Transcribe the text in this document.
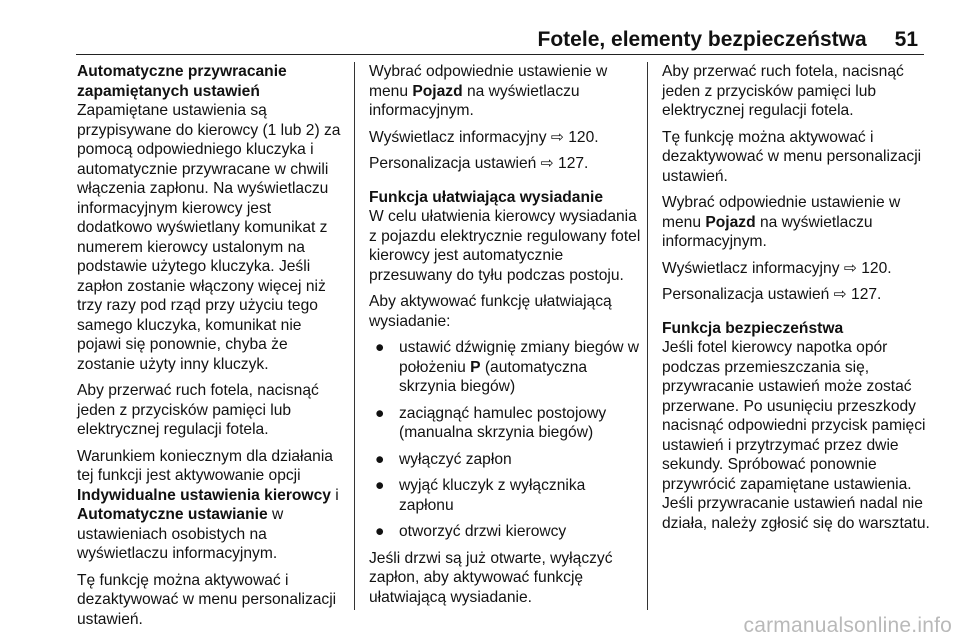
Fotele, elementy bezpieczeństwa 51

Automatyczne przywracanie zapamiętanych ustawień

Zapamiętane ustawienia są przypisywane do kierowcy (1 lub 2) za pomocą odpowiedniego kluczyka i automatycznie przywracane w chwili włączenia zapłonu. Na wyświetlaczu informacyjnym kierowcy jest dodatkowo wyświetlany komunikat z numerem kierowcy ustalonym na podstawie użytego kluczyka. Jeśli zapłon zostanie włączony więcej niż trzy razy pod rząd przy użyciu tego samego kluczyka, komunikat nie pojawi się ponownie, chyba że zostanie użyty inny kluczyk.

Aby przerwać ruch fotela, nacisnąć jeden z przycisków pamięci lub elektrycznej regulacji fotela.

Warunkiem koniecznym dla działania tej funkcji jest aktywowanie opcji Indywidualne ustawienia kierowcy i Automatyczne ustawianie w ustawieniach osobistych na wyświetlaczu informacyjnym.

Tę funkcję można aktywować i dezaktywować w menu personalizacji ustawień.

Wybrać odpowiednie ustawienie w menu Pojazd na wyświetlaczu informacyjnym.

Wyświetlacz informacyjny ⇨ 120.

Personalizacja ustawień ⇨ 127.

Funkcja ułatwiająca wysiadanie

W celu ułatwienia kierowcy wysiadania z pojazdu elektrycznie regulowany fotel kierowcy jest automatycznie przesuwany do tyłu podczas postoju.

Aby aktywować funkcję ułatwiającą wysiadanie:

● ustawić dźwignię zmiany biegów w położeniu P (automatyczna skrzynia biegów)
● zaciągnąć hamulec postojowy (manualna skrzynia biegów)
● wyłączyć zapłon
● wyjąć kluczyk z wyłącznika zapłonu
● otworzyć drzwi kierowcy

Jeśli drzwi są już otwarte, wyłączyć zapłon, aby aktywować funkcję ułatwiającą wysiadanie.

Aby przerwać ruch fotela, nacisnąć jeden z przycisków pamięci lub elektrycznej regulacji fotela.

Tę funkcję można aktywować i dezaktywować w menu personalizacji ustawień.

Wybrać odpowiednie ustawienie w menu Pojazd na wyświetlaczu informacyjnym.

Wyświetlacz informacyjny ⇨ 120.

Personalizacja ustawień ⇨ 127.

Funkcja bezpieczeństwa

Jeśli fotel kierowcy napotka opór podczas przemieszczania się, przywracanie ustawień może zostać przerwane. Po usunięciu przeszkody nacisnąć odpowiedni przycisk pamięci ustawień i przytrzymać przez dwie sekundy. Spróbować ponownie przywrócić zapamiętane ustawienia. Jeśli przywracanie ustawień nadal nie działa, należy zgłosić się do warsztatu.

carmanualsonline.info
